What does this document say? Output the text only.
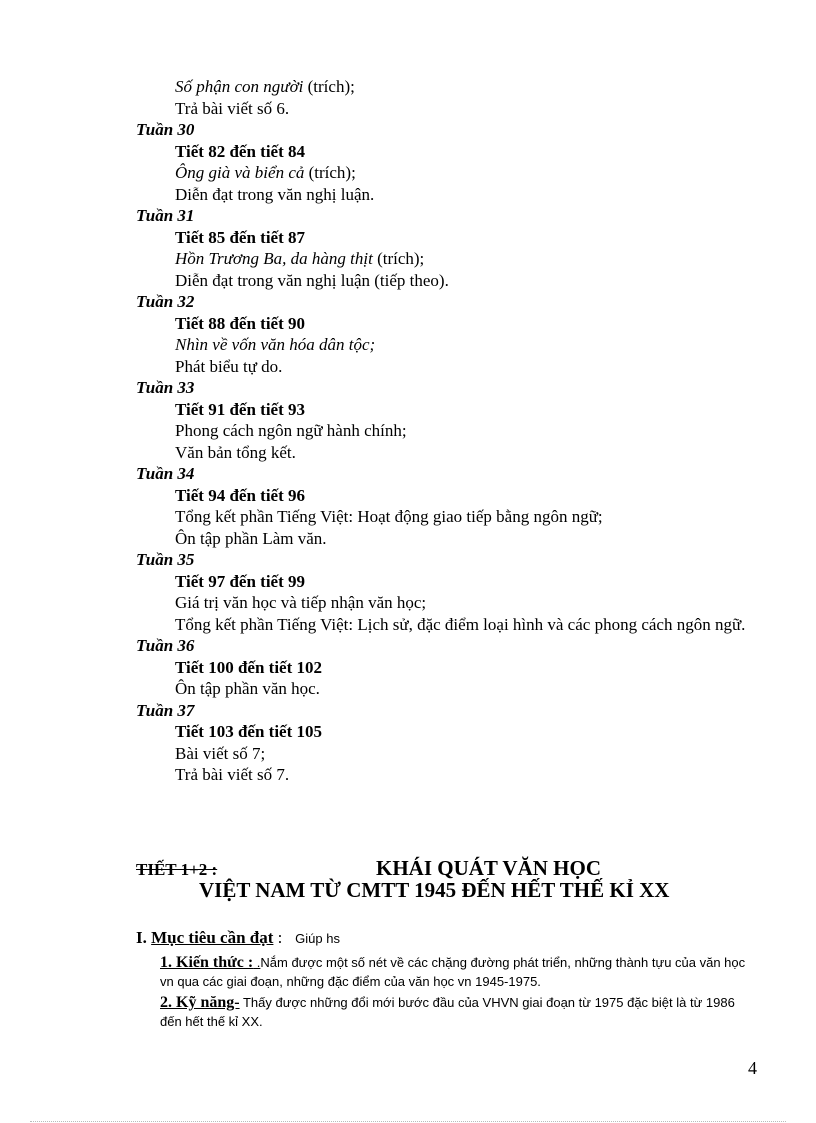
Số phận con người (trích);
Trả bài viết số 6.
Tuần 30
Tiết 82 đến tiết 84
Ông già và biển cả (trích);
Diễn đạt trong văn nghị luận.
Tuần 31
Tiết 85 đến tiết 87
Hồn Trương Ba, da hàng thịt (trích);
Diễn đạt trong văn nghị luận (tiếp theo).
Tuần 32
Tiết 88 đến tiết 90
Nhìn về vốn văn hóa dân tộc;
Phát biểu tự do.
Tuần 33
Tiết 91 đến tiết 93
Phong cách ngôn ngữ hành chính;
Văn bản tổng kết.
Tuần 34
Tiết 94 đến tiết 96
Tổng kết phần Tiếng Việt: Hoạt động giao tiếp bằng ngôn ngữ;
Ôn tập phần Làm văn.
Tuần 35
Tiết 97 đến tiết 99
Giá trị văn học và tiếp nhận văn học;
Tổng kết phần Tiếng Việt: Lịch sử, đặc điểm loại hình và các phong cách ngôn ngữ.
Tuần 36
Tiết 100 đến tiết 102
Ôn tập phần văn học.
Tuần 37
Tiết 103 đến tiết 105
Bài viết số 7;
Trả bài viết số 7.
TIẾT 1+2 :	KHÁI QUÁT VĂN HỌC
VIỆT NAM TỪ CMTT 1945 ĐẾN HẾT THẾ KỈ XX
I. Mục tiêu cần đạt : Giúp hs
1. Kiến thức : .Nắm được một số nét về các chặng đường phát triển, những thành tựu của văn học vn qua các giai đoạn, những đặc điểm của văn học vn 1945-1975.
2. Kỹ năng- Thấy được những đổi mới bước đầu của VHVN giai đoạn từ 1975 đặc biệt là từ 1986 đến hết thế kỉ XX.
4
